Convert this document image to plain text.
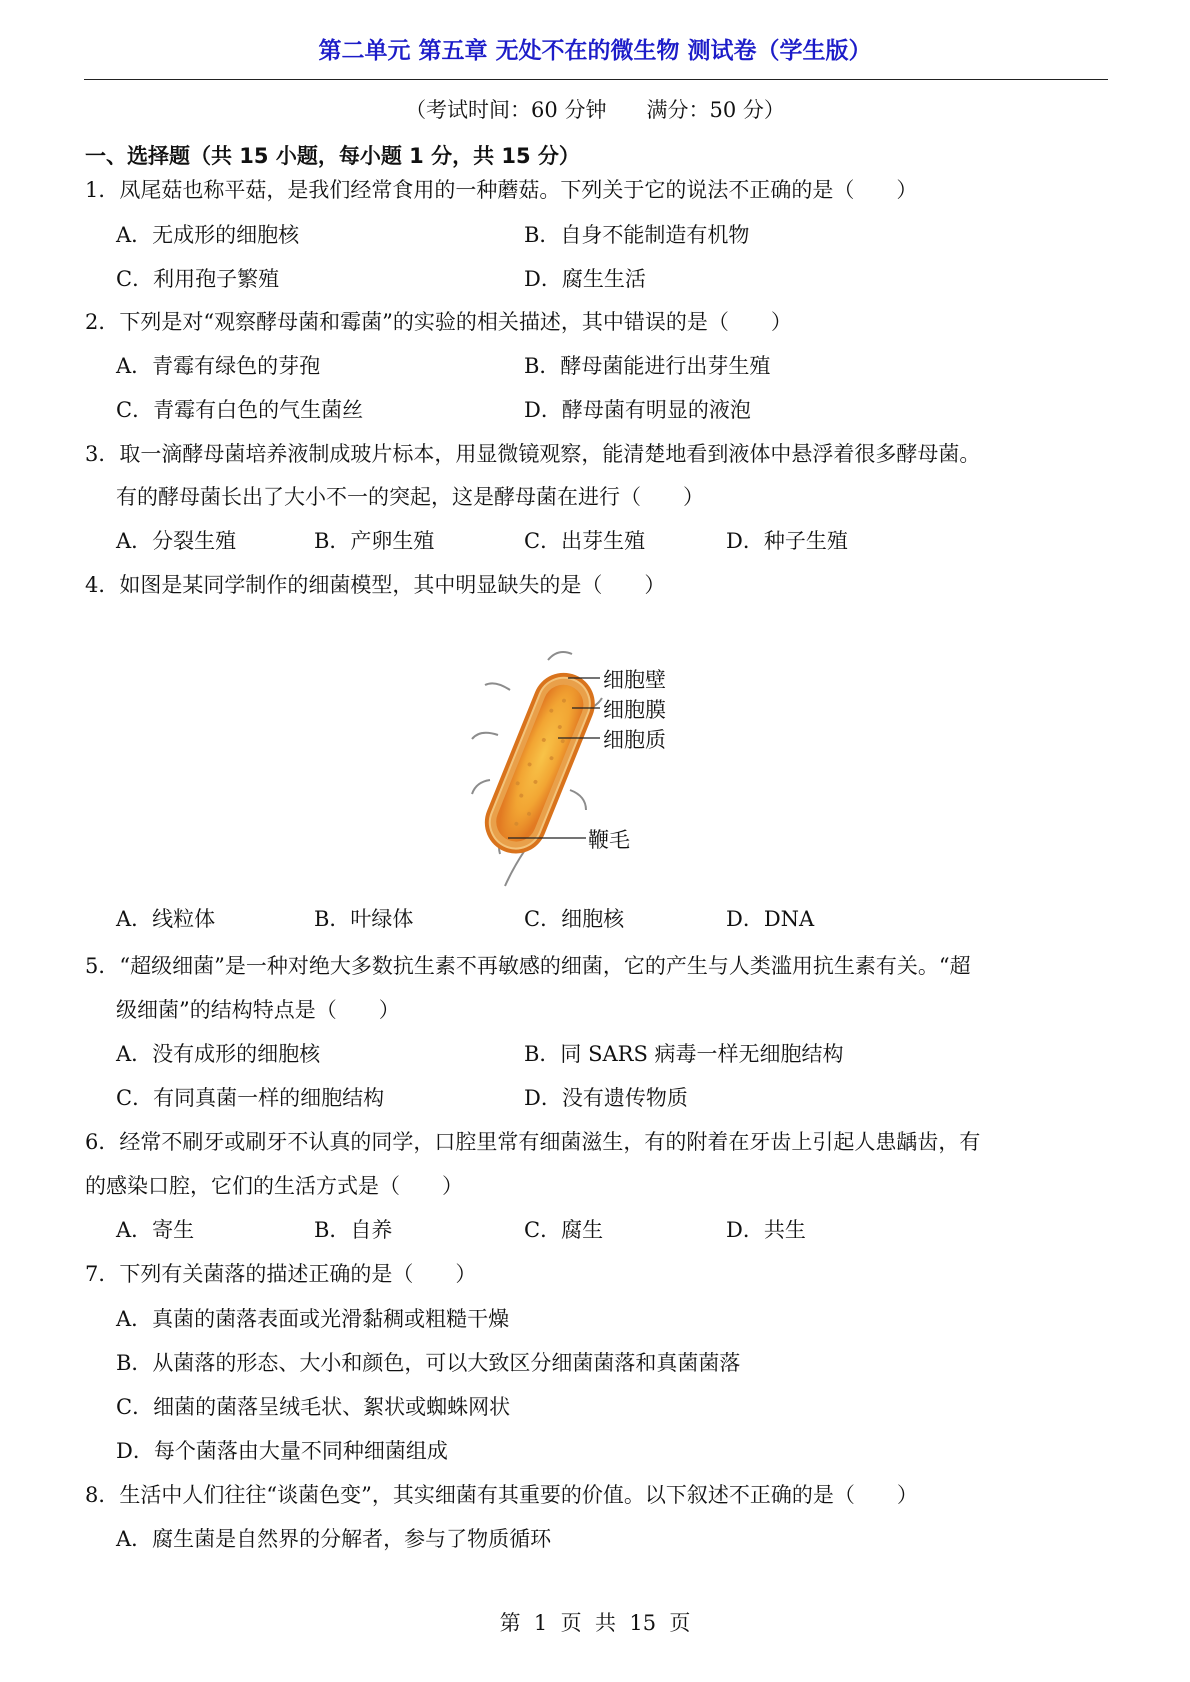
第二单元 第五章 无处不在的微生物 测试卷（学生版）
（考试时间：60 分钟      满分：50 分）
一、选择题（共 15 小题，每小题 1 分，共 15 分）
1．凤尾菇也称平菇，是我们经常食用的一种蘑菇。下列关于它的说法不正确的是（　　）
A．无成形的细胞核	B．自身不能制造有机物
C．利用孢子繁殖	D．腐生生活
2．下列是对“观察酵母菌和霉菌”的实验的相关描述，其中错误的是（　　）
A．青霉有绿色的芽孢	B．酵母菌能进行出芽生殖
C．青霉有白色的气生菌丝	D．酵母菌有明显的液泡
3．取一滴酵母菌培养液制成玻片标本，用显微镜观察，能清楚地看到液体中悬浮着很多酵母菌。
有的酵母菌长出了大小不一的突起，这是酵母菌在进行（　　）
A．分裂生殖	B．产卵生殖	C．出芽生殖	D．种子生殖
4．如图是某同学制作的细菌模型，其中明显缺失的是（　　）
细胞壁
细胞膜
细胞质
鞭毛
A．线粒体	B．叶绿体	C．细胞核	D．DNA
5．“超级细菌”是一种对绝大多数抗生素不再敏感的细菌，它的产生与人类滥用抗生素有关。“超
级细菌”的结构特点是（　　）
A．没有成形的细胞核	B．同 SARS 病毒一样无细胞结构
C．有同真菌一样的细胞结构	D．没有遗传物质
6．经常不刷牙或刷牙不认真的同学，口腔里常有细菌滋生，有的附着在牙齿上引起人患龋齿，有
的感染口腔，它们的生活方式是（　　）
A．寄生	B．自养	C．腐生	D．共生
7．下列有关菌落的描述正确的是（　　）
A．真菌的菌落表面或光滑黏稠或粗糙干燥
B．从菌落的形态、大小和颜色，可以大致区分细菌菌落和真菌菌落
C．细菌的菌落呈绒毛状、絮状或蜘蛛网状
D．每个菌落由大量不同种细菌组成
8．生活中人们往往“谈菌色变”，其实细菌有其重要的价值。以下叙述不正确的是（　　）
A．腐生菌是自然界的分解者，参与了物质循环
第  1  页  共  15  页
